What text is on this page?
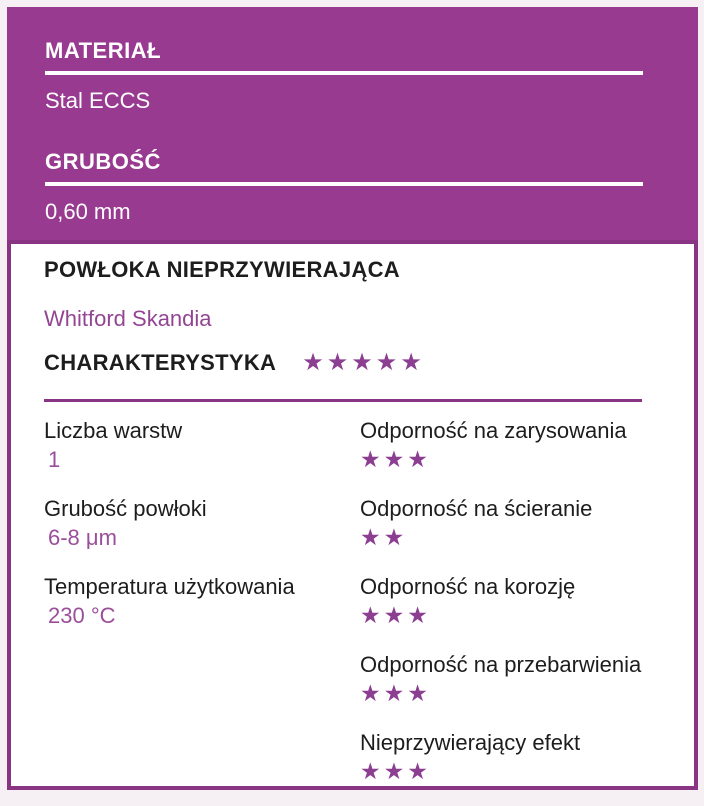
MATERIAŁ
Stal ECCS
GRUBOŚĆ
0,60 mm
POWŁOKA NIEPRZYWIERAJĄCA
Whitford Skandia
CHARAKTERYSTYKA ★★★★★
Liczba warstw
1
Odporność na zarysowania
★★★
Grubość powłoki
6-8 μm
Odporność na ścieranie
★★
Temperatura użytkowania
230 °C
Odporność na korozję
★★★
Odporność na przebarwienia
★★★
Nieprzywierający efekt
★★★
